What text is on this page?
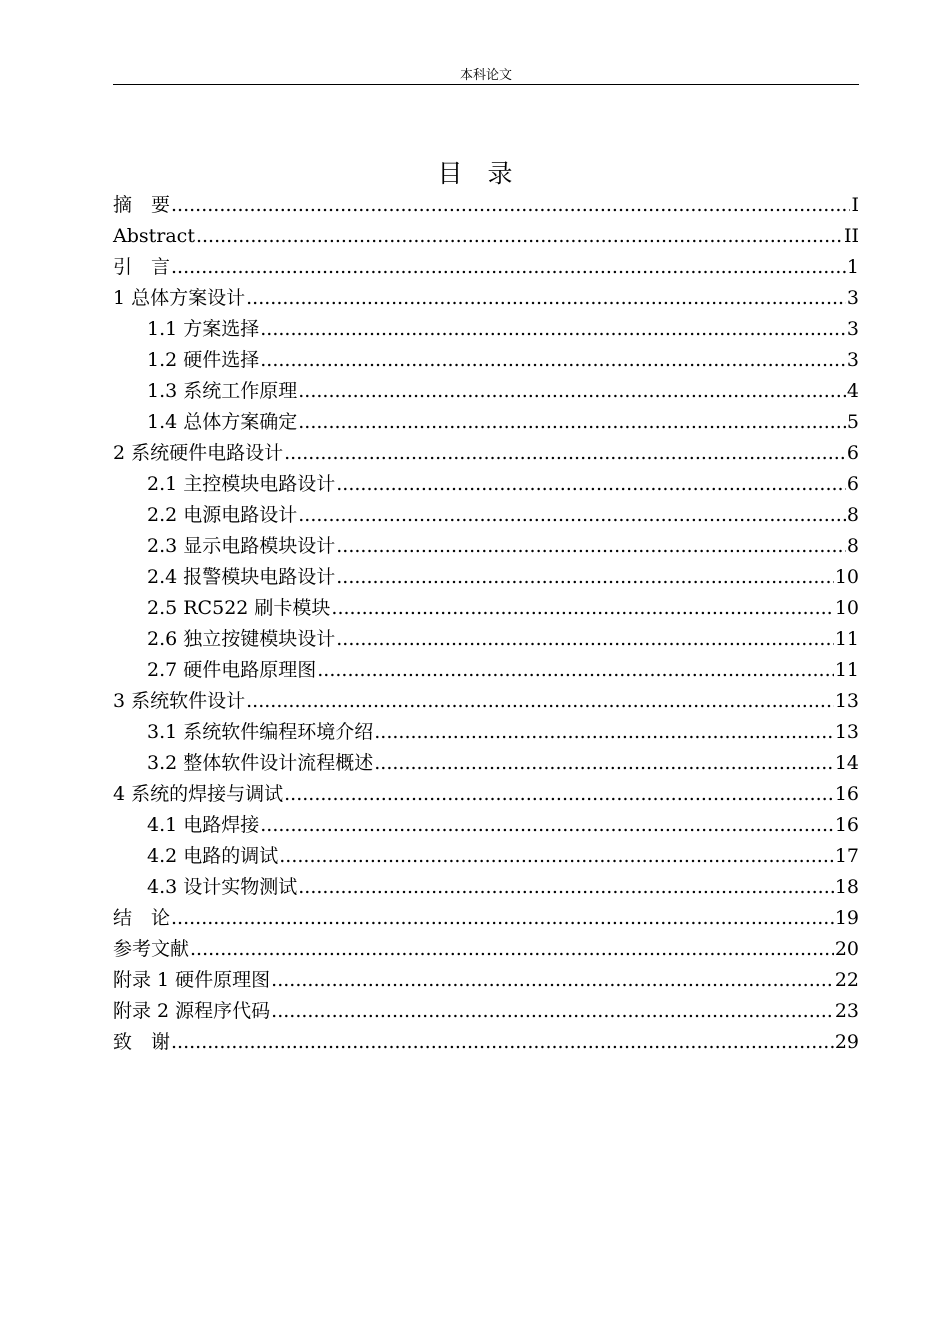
本科论文
目　录
摘　要 .....	I
Abstract .....	II
引　言 .....	1
1 总体方案设计 .....	3
1.1 方案选择 .....	3
1.2 硬件选择 .....	3
1.3 系统工作原理 .....	4
1.4 总体方案确定 .....	5
2 系统硬件电路设计 .....	6
2.1 主控模块电路设计 .....	6
2.2 电源电路设计 .....	8
2.3 显示电路模块设计 .....	8
2.4 报警模块电路设计 .....	10
2.5 RC522 刷卡模块 .....	10
2.6 独立按键模块设计 .....	11
2.7 硬件电路原理图 .....	11
3 系统软件设计 .....	13
3.1 系统软件编程环境介绍 .....	13
3.2 整体软件设计流程概述 .....	14
4 系统的焊接与调试 .....	16
4.1 电路焊接 .....	16
4.2 电路的调试 .....	17
4.3 设计实物测试 .....	18
结　论 .....	19
参考文献 .....	20
附录 1 硬件原理图 .....	22
附录 2 源程序代码 .....	23
致　谢 .....	29
